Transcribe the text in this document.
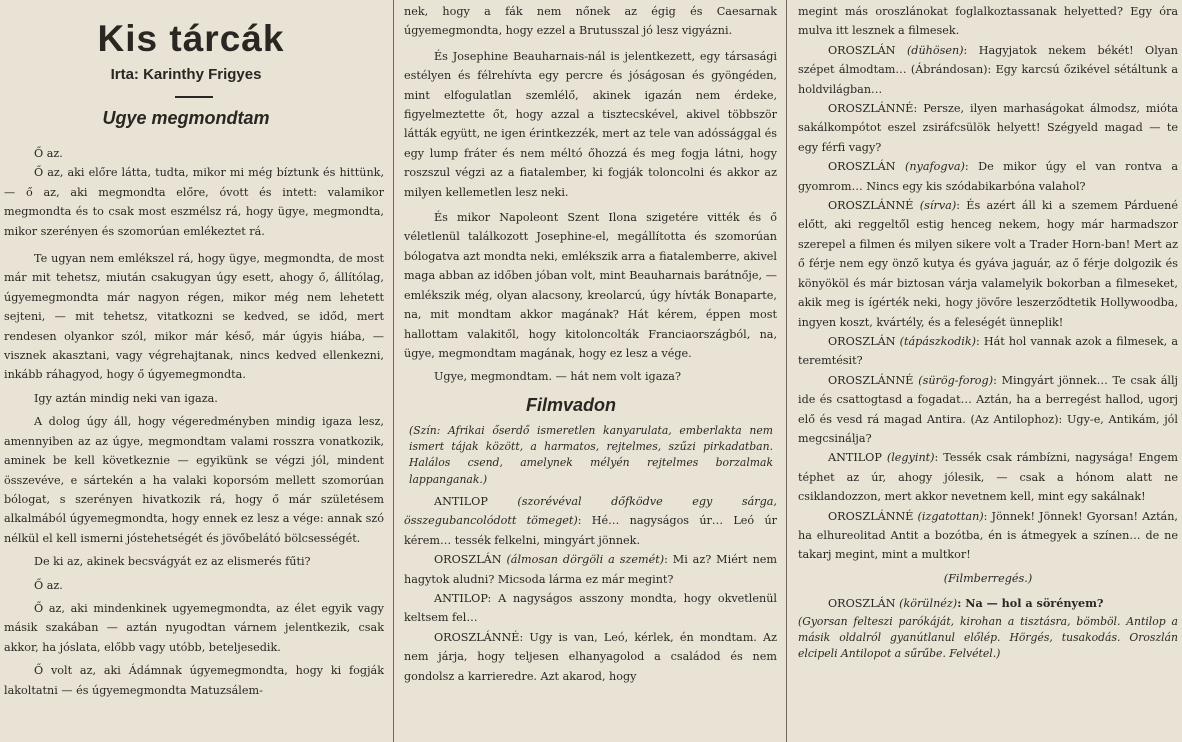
Kis tárcák
Irta: Karinthy Frigyes
Ugye megmondtam

Ő az.

Ő az, aki előre látta, tudta, mikor mi még bíztunk és hittünk, — ő az, aki megmondta előre, óvott és intett: valamikor megmondta és to csak most eszmélsz rá, hogy ügye, megmondta, mikor szerényen és szomorúan emlékeztet rá.

Te ugyan nem emlékszel rá, hogy ügye, megmondta, de most már mit tehetsz, miután csakugyan úgy esett, ahogy ő, állítólag, úgyemegmondta már nagyon régen, mikor még nem lehetett sejteni, — mit tehetsz, vitatkozni se kedved, se időd, mert rendesen olyankor szól, mikor már késő, már úgyis hiába, — visznek akasztani, vagy végrehajtanak, nincs kedved ellenkezni, inkább ráhagyod, hogy ő úgyemegmondta.

Igy aztán mindig neki van igaza.

A dolog úgy áll, hogy végeredményben mindig igaza lesz, amennyiben az az úgye, megmondtam valami rosszra vonatkozik, aminek be kell következnie — egyikünk se végzi jól, mindent összevéve, e sártekén a ha valaki koporsóm mellett szomorúan bólogat, s szerényen hivatkozik rá, hogy ő már születésem alkalmából úgyemegmondta, hogy ennek ez lesz a vége: annak szó nélkül el kell ismerni jóstehetségét és jövőbelátó bölcsességét.

De ki az, akinek becsvágyát ez az elismerés fűti?

Ő az.

Ő az, aki mindenkinek ugyemegmondta, az élet egyik vagy másik szakában — aztán nyugodtan várnem jelentkezik, csak akkor, ha jóslata, előbb vagy utóbb, beteljesedik.

Ő volt az, aki Ádámnak úgyemegmondta, hogy ki fogják lakoltatni — és úgyemegmondta Matuzsálem-

nek, hogy a fák nem nőnek az égig és Caesarnak úgyemegmondta, hogy ezzel a Brutusszal jó lesz vigyázni.

És Josephine Beauharnais-nál is jelentkezett, egy társasági estélyen és félrehívta egy percre és jóságosan és gyöngéden, mint elfogulatlan szemlélő, akinek igazán nem érdeke, figyelmeztette őt, hogy azzal a tisztecskével, akivel többször látták együtt, ne igen érintkezzék, mert az tele van adóssággal és egy lump fráter és nem méltó őhozzá és meg fogja látni, hogy roszszul végzi az a fiatalember, ki fogják toloncolni és akkor az milyen kellemetlen lesz neki.

És mikor Napoleont Szent Ilona szigetére vitték és ő véletlenül találkozott Josephine-el, megállította és szomorúan bólogatva azt mondta neki, emlékszik arra a fiatalemberre, akivel maga abban az időben jóban volt, mint Beauharnais barátnője, — emlékszik még, olyan alacsony, kreolarcú, úgy hívták Bonaparte, na, mit mondtam akkor magának? Hát kérem, éppen most hallottam valakitől, hogy kitoloncolták Franciaországból, na, ügye, megmondtam magának, hogy ez lesz a vége.

Ugye, megmondtam. — hát nem volt igaza?

Filmvadon
(Szín: Afrikai őserdő ismeretlen kanyarulata, emberlakta nem ismert tájak között, a harmatos, rejtelmes, szűzi pirkadatban. Halálos csend, amelynek mélyén rejtelmes borzalmak lappanganak.)

ANTILOP	(szorévéval dőfködve egy sárga, összegubancolódott tömeget): Hé… nagyságos úr… Leó úr kérem… tessék felkelni, mingyárt jönnek.

OROSZLÁN (álmosan dörgöli a szemét): Mi az? Miért nem hagytok aludni? Micsoda lárma ez már megint?

ANTILOP: A nagyságos asszony mondta, hogy okvetlenül keltsem fel…

OROSZLÁNNÉ: Ugy is van, Leó, kérlek, én mondtam. Az nem járja, hogy teljesen elhanyagolod a családod és nem gondolsz a karrieredre. Azt akarod, hogy

megint más oroszlánokat foglalkoztassanak helyetted? Egy óra mulva itt lesznek a filmesek.

OROSZLÁN (dühösen): Hagyjatok nekem békét! Olyan szépet álmodtam… (Ábrándosan): Egy karcsú őzikével sétáltunk a holdvilágban…

OROSZLÁNNÉ: Persze, ilyen marhaságokat álmodsz, mióta sakálkompótot eszel zsiráfcsülök helyett! Szégyeld magad — te egy férfi vagy?

OROSZLÁN (nyafogva): De mikor úgy el van rontva a gyomrom… Nincs egy kis szódabikarbóna valahol?

OROSZLÁNNÉ (sírva): És azért áll ki a szemem Párduené előtt, aki reggeltől estig henceg nekem, hogy már harmadszor szerepel a filmen és milyen sikere volt a Trader Horn-ban! Mert az ő férje nem egy önző kutya és gyáva jaguár, az ő férje dolgozik és könyököl és már biztosan várja valamelyik bokorban a filmeseket, akik meg is ígérték neki, hogy jövőre leszerződtetik Hollywoodba, ingyen koszt, kvártély, és a feleségét ünneplik!

OROSZLÁN (tápászkodik): Hát hol vannak azok a filmesek, a teremtésit?

OROSZLÁNNÉ (sürög-forog): Mingyárt jönnek… Te csak állj ide és csattogtasd a fogadat… Aztán, ha a berregést hallod, ugorj elő és vesd rá magad Antira. (Az Antilophoz): Ugy-e, Antikám, jól megcsinálja?

ANTILOP (legyint): Tessék csak rámbízni, nagysága! Engem téphet az úr, ahogy jólesik, — csak a hónom alatt ne csiklandozzon, mert akkor nevetnem kell, mint egy sakálnak!

OROSZLÁNNÉ (izgatottan): Jönnek! Jönnek! Gyorsan! Aztán, ha elhureolitad Antit a bozótba, én is átmegyek a színen… de ne takarj megint, mint a multkor!

(Filmberregés.)

OROSZLÁN (körülnéz): Na — hol a sörényem?

(Gyorsan felteszi parókáját, kirohan a tisztásra, bömböl. Antilop a másik oldalról gyanútlanul előlép. Hörgés, tusakodás. Oroszlán elcipeli Antilopot a sűrűbe. Felvétel.)
